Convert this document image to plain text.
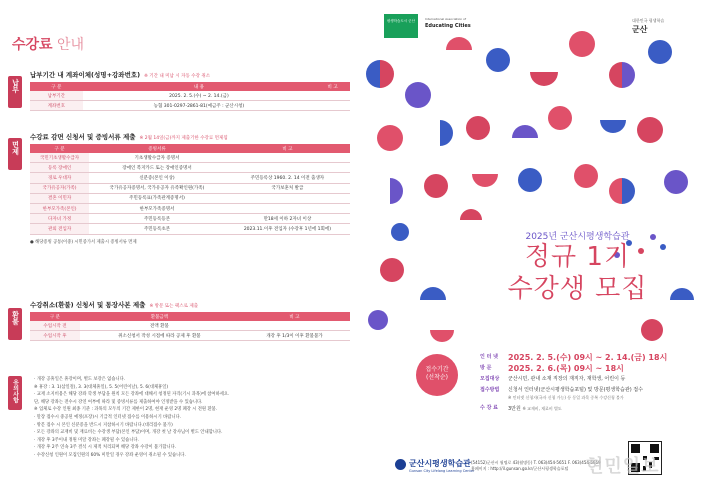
수강료 안내
납부
납부기간 내 계좌이체(성명+강좌번호) ※ 기간 내 미납 시 자동 수강 취소
구 분	내 용	비 고
납부기간	2025. 2. 5.(수) ~ 2. 14.(금)	
계좌번호	농협 301-0297-2861-81(예금주 : 군산시청)	
면제
수강료 감면 신청서 및 증빙서류 제출 ※ 2월 14일(금)까지 제출기한 수강료 면제됨
구 분	증빙서류	비 고
국민기초생활수급자	기초생활수급자 증명서	
등록 장애인	장애인 복지카드 또는 장애인증명서	
경로 우대자	신분증(본인 이상)	주민등록상 1960. 2. 14 이전 출생자
국가유공자(가족)	국가유공자증명서, 국가유공자 유족확인원(가족)	국가보훈처 발급
결혼 이민자	주민등록표(가족관계증명서)	
한부모가족(본인)	한부모가족증명서	
다자녀 가정	주민등록등본	만18세 이하 2자녀 이상
관외 전입자	주민등록초본	2023.11.이후 전입자 (수강후 1년에 1회에)
● 해당증빙 공통(이중) 시민증가서 제출시 증빙서류 면제
환불
수강취소(환불) 신청서 및 통장사본 제출 ※ 방문 또는 팩스로 제출
구 분	환불금액	비 고
수업시작 전	전액 환불	
수업시작 후	취소신청서 작성 시점에 따라 공제 후 환불	개강 후 1/3이 이후 환불불가
유의사항	· 개강 공휴일은 휴강이며, 별도 보강은 없습니다.
※ 휴강 : 3. 1(삼일절), 3. 3(대체휴일), 5. 5(어린이날), 5. 6(대체휴일)
· 교재 소지비용은 해당 강좌 학생 부담을 원칙 모든 강좌에 대해서 청정된 자격(기시 과목)에 참여하세요.
단, 해당 강좌는 전수시 강연 여부에 따라 및 증빙서류를 제출하여야 인정받을 수 있습니다.
※ 업체로 수강 인원 최종 기준 : 과목의 모두의 기간 제한이 2명, 현재 운영 2명 폐강 시 전원 환불.
· 말장 접수시 중공된 예정(포장)시 기급적 인터넷 접수를 이용하시기 바랍니다.
· 방문 접수 시 본인 신분증을 반드시 지참하시기 바랍니다.(대리접수 불가)
· 모든 강좌의 교재비 및 재료비는 수강생 부담(본인 부담)이며, 개강 첫 날 강사님이 별도 안내합니다.
· 개강 후 3주이내 정원 미달 강좌는 폐강될 수 있습니다.
· 개강 후 2주 연속 3주 결석 시 제적 처리되며 해당 강좌 수강이 불가합니다.
· 수강신청 인원이 모집인원의 60% 미만일 경우 강좌 운영이 취소될 수 있습니다.
평생학습도시 군산	International Association of
Educating Cities
대한민국 평생학습
군산
2025년 군산시평생학습관
정규 1기
수강생 모집
접수기간
(선착순)
인 터 넷	2025. 2. 5.(수) 09시 ~ 2. 14.(금) 18시
방 문	2025. 2. 6.(목) 09시 ~ 18시
모집대상	군산시민, 관내 소재 직장의 재직자, 재학생, 어린이 등
접수방법	신청서 인터넷(군산시평생학습포털) 및 방문(평생학습관) 접수
※ 인터넷 신청자(국자 신청 가능) 등 동일 과목 중복 수강신청 불가
수 강 료	3만원 ※ 교재비, 재료비 별도
군산시평생학습관
Gunsan City Lifelong Learning Center
(54152)군산시 월명로 43(월명동) T. 063)454-5651 F. 063)454-5659
홈페이지 : http://il.gunsan.go.kr/군산시평생학습포털 현민일보
